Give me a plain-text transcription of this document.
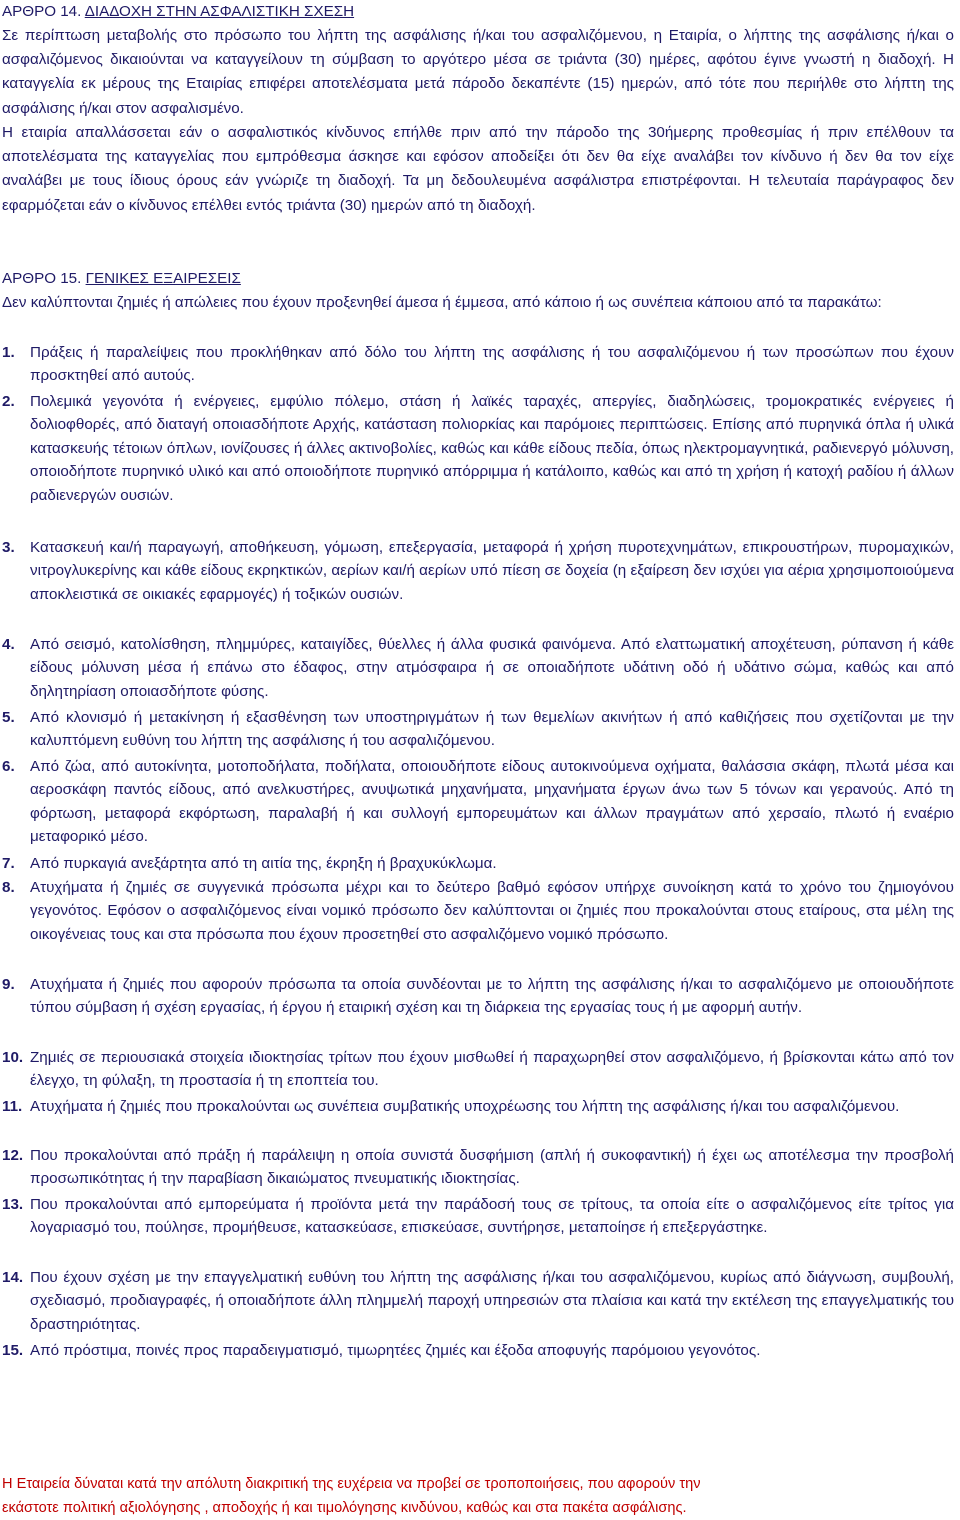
ΑΡΘΡΟ 14. ΔΙΑΔΟΧΗ ΣΤΗΝ ΑΣΦΑΛΙΣΤΙΚΗ ΣΧΕΣΗ

Σε περίπτωση μεταβολής στο πρόσωπο του λήπτη της ασφάλισης ή/και του ασφαλιζόμενου, η Εταιρία, ο λήπτης της ασφάλισης ή/και ο ασφαλιζόμενος δικαιούνται να καταγγείλουν τη σύμβαση το αργότερο μέσα σε τριάντα (30) ημέρες, αφότου έγινε γνωστή η διαδοχή. Η καταγγελία εκ μέρους της Εταιρίας επιφέρει αποτελέσματα μετά πάροδο δεκαπέντε (15) ημερών, από τότε που περιήλθε στο λήπτη της ασφάλισης ή/και στον ασφαλισμένο.

Η εταιρία απαλλάσσεται εάν ο ασφαλιστικός κίνδυνος επήλθε πριν από την πάροδο της 30ήμερης προθεσμίας ή πριν επέλθουν τα αποτελέσματα της καταγγελίας που εμπρόθεσμα άσκησε και εφόσον αποδείξει ότι δεν θα είχε αναλάβει τον κίνδυνο ή δεν θα τον είχε αναλάβει με τους ίδιους όρους εάν γνώριζε τη διαδοχή. Τα μη δεδουλευμένα ασφάλιστρα επιστρέφονται. Η τελευταία παράγραφος δεν εφαρμόζεται εάν ο κίνδυνος επέλθει εντός τριάντα (30) ημερών από τη διαδοχή.

ΑΡΘΡΟ 15. ΓΕΝΙΚΕΣ ΕΞΑΙΡΕΣΕΙΣ

Δεν καλύπτονται ζημιές ή απώλειες που έχουν προξενηθεί άμεσα ή έμμεσα, από κάποιο ή ως συνέπεια κάποιου από τα παρακάτω:

1.	Πράξεις ή παραλείψεις που προκλήθηκαν από δόλο του λήπτη της ασφάλισης ή του ασφαλιζόμενου ή των προσώπων που έχουν προσκτηθεί από αυτούς.
2.	Πολεμικά γεγονότα ή ενέργειες, εμφύλιο πόλεμο, στάση ή λαϊκές ταραχές, απεργίες, διαδηλώσεις, τρομοκρατικές ενέργειες ή δολιοφθορές, από διαταγή οποιασδήποτε Αρχής, κατάσταση πολιορκίας και παρόμοιες περιπτώσεις. Επίσης από πυρηνικά όπλα ή υλικά κατασκευής τέτοιων όπλων, ιονίζουσες ή άλλες ακτινοβολίες, καθώς και κάθε είδους πεδία, όπως ηλεκτρομαγνητικά, ραδιενεργό μόλυνση, οποιοδήποτε πυρηνικό υλικό και από οποιοδήποτε πυρηνικό απόρριμμα ή κατάλοιπο, καθώς και από τη χρήση ή κατοχή ραδίου ή άλλων ραδιενεργών ουσιών.
3.	Κατασκευή και/ή παραγωγή, αποθήκευση, γόμωση, επεξεργασία, μεταφορά ή χρήση πυροτεχνημάτων, επικρουστήρων, πυρομαχικών, νιτρογλυκερίνης και κάθε είδους εκρηκτικών, αερίων και/ή αερίων υπό πίεση σε δοχεία (η εξαίρεση δεν ισχύει για αέρια χρησιμοποιούμενα αποκλειστικά σε οικιακές εφαρμογές) ή τοξικών ουσιών.
4.	Από σεισμό, κατολίσθηση, πλημμύρες, καταιγίδες, θύελλες ή άλλα φυσικά φαινόμενα. Από ελαττωματική αποχέτευση, ρύπανση ή κάθε είδους μόλυνση μέσα ή επάνω στο έδαφος, στην ατμόσφαιρα ή σε οποιαδήποτε υδάτινη οδό ή υδάτινο σώμα, καθώς και από δηλητηρίαση οποιασδήποτε φύσης.
5.	Από κλονισμό ή μετακίνηση ή εξασθένηση των υποστηριγμάτων ή των θεμελίων ακινήτων ή από καθιζήσεις που σχετίζονται με την καλυπτόμενη ευθύνη του λήπτη της ασφάλισης ή του ασφαλιζόμενου.
6.	Από ζώα, από αυτοκίνητα, μοτοποδήλατα, ποδήλατα, οποιουδήποτε είδους αυτοκινούμενα οχήματα, θαλάσσια σκάφη, πλωτά μέσα και αεροσκάφη παντός είδους, από ανελκυστήρες, ανυψωτικά μηχανήματα, μηχανήματα έργων άνω των 5 τόνων και γερανούς. Από τη φόρτωση, μεταφορά εκφόρτωση, παραλαβή ή και συλλογή εμπορευμάτων και άλλων πραγμάτων από χερσαίο, πλωτό ή εναέριο μεταφορικό μέσο.
7.	Από πυρκαγιά ανεξάρτητα από τη αιτία της, έκρηξη ή βραχυκύκλωμα.
8.	Ατυχήματα ή ζημιές σε συγγενικά πρόσωπα μέχρι και το δεύτερο βαθμό εφόσον υπήρχε συνοίκηση κατά το χρόνο του ζημιογόνου γεγονότος. Εφόσον ο ασφαλιζόμενος είναι νομικό πρόσωπο δεν καλύπτονται οι ζημιές που προκαλούνται στους εταίρους, στα μέλη της οικογένειας τους και στα πρόσωπα που έχουν προσετηθεί στο ασφαλιζόμενο νομικό πρόσωπο.
9.	Ατυχήματα ή ζημιές που αφορούν πρόσωπα τα οποία συνδέονται με το λήπτη της ασφάλισης ή/και το ασφαλιζόμενο με οποιουδήποτε τύπου σύμβαση ή σχέση εργασίας, ή έργου ή εταιρική σχέση και τη διάρκεια της εργασίας τους ή με αφορμή αυτήν.
10. Ζημιές σε περιουσιακά στοιχεία ιδιοκτησίας τρίτων που έχουν μισθωθεί ή παραχωρηθεί στον ασφαλιζόμενο, ή βρίσκονται κάτω από τον έλεγχο, τη φύλαξη, τη προστασία ή τη εποπτεία του.
11. Ατυχήματα ή ζημιές που προκαλούνται ως συνέπεια συμβατικής υποχρέωσης του λήπτη της ασφάλισης ή/και του ασφαλιζόμενου.
12. Που προκαλούνται από πράξη ή παράλειψη η οποία συνιστά δυσφήμιση (απλή ή συκοφαντική) ή έχει ως αποτέλεσμα την προσβολή προσωπικότητας ή την παραβίαση δικαιώματος πνευματικής ιδιοκτησίας.
13. Που προκαλούνται από εμπορεύματα ή προϊόντα μετά την παράδοσή τους σε τρίτους, τα οποία είτε ο ασφαλιζόμενος είτε τρίτος για λογαριασμό του, πούλησε, προμήθευσε, κατασκεύασε, επισκεύασε, συντήρησε, μεταποίησε ή επεξεργάστηκε.
14. Που έχουν σχέση με την επαγγελματική ευθύνη του λήπτη της ασφάλισης ή/και του ασφαλιζόμενου, κυρίως από διάγνωση, συμβουλή, σχεδιασμό, προδιαγραφές, ή οποιαδήποτε άλλη πλημμελή παροχή υπηρεσιών στα πλαίσια και κατά την εκτέλεση της επαγγελματικής του δραστηριότητας.
15. Από πρόστιμα, ποινές προς παραδειγματισμό, τιμωρητέες ζημιές και έξοδα αποφυγής παρόμοιου γεγονότος.
Η Εταιρεία δύναται κατά την απόλυτη διακριτική της ευχέρεια να προβεί σε τροποποιήσεις, που αφορούν την
εκάστοτε πολιτική αξιολόγησης , αποδοχής ή και τιμολόγησης κινδύνου, καθώς και στα πακέτα ασφάλισης.
